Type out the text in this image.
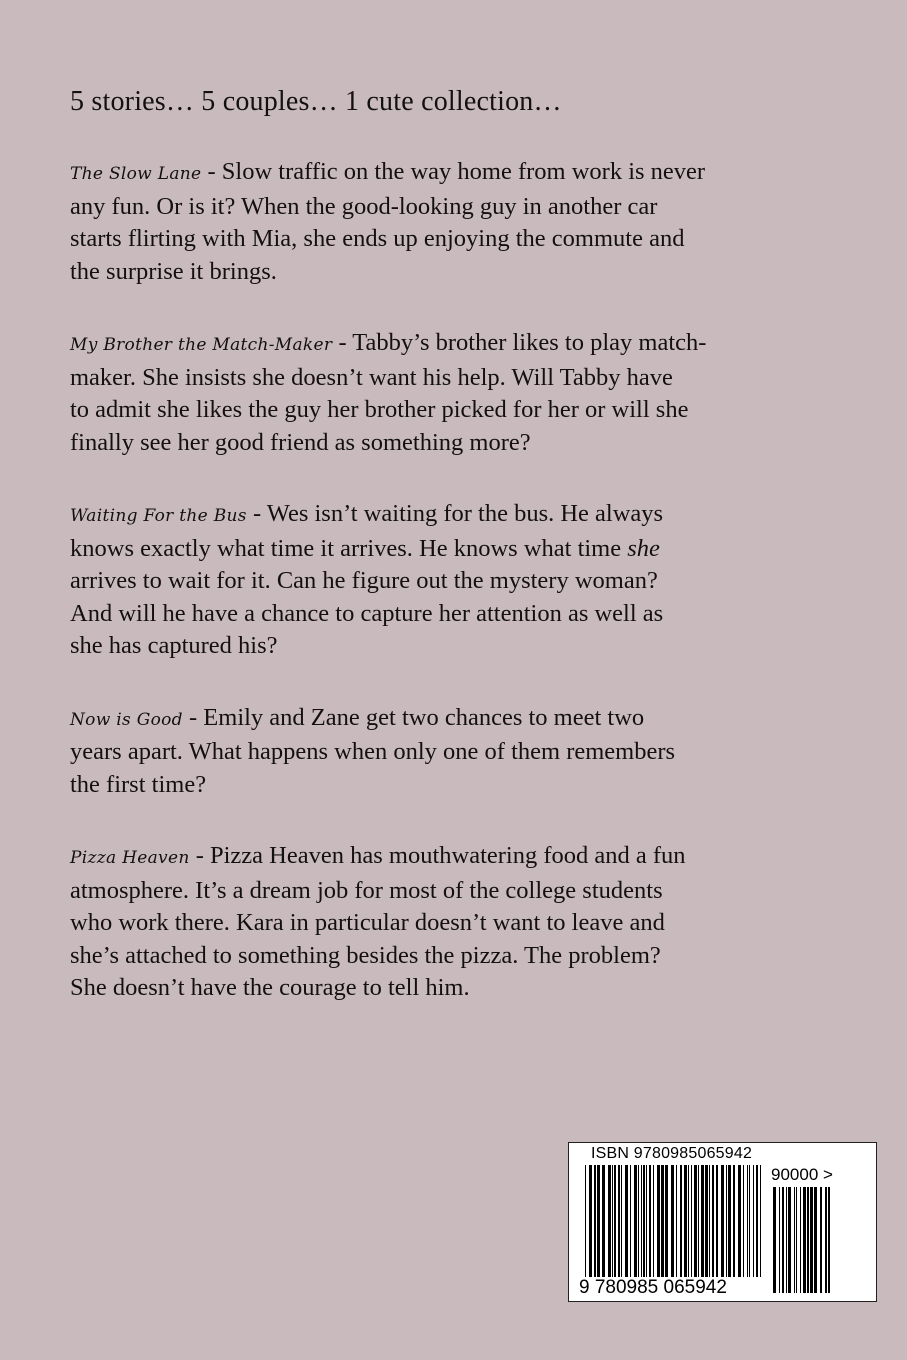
5 stories… 5 couples… 1 cute collection…

The Slow Lane - Slow traffic on the way home from work is never
any fun. Or is it? When the good-looking guy in another car
starts flirting with Mia, she ends up enjoying the commute and
the surprise it brings.

My Brother the Match-Maker - Tabby’s brother likes to play match-
maker. She insists she doesn’t want his help. Will Tabby have
to admit she likes the guy her brother picked for her or will she
finally see her good friend as something more?

Waiting For the Bus - Wes isn’t waiting for the bus. He always
knows exactly what time it arrives. He knows what time she
arrives to wait for it. Can he figure out the mystery woman?
And will he have a chance to capture her attention as well as
she has captured his?

Now is Good - Emily and Zane get two chances to meet two
years apart. What happens when only one of them remembers
the first time?

Pizza Heaven - Pizza Heaven has mouthwatering food and a fun
atmosphere. It’s a dream job for most of the college students
who work there. Kara in particular doesn’t want to leave and
she’s attached to something besides the pizza. The problem?
She doesn’t have the courage to tell him.

ISBN 9780985065942
90000 >
9 780985 065942
